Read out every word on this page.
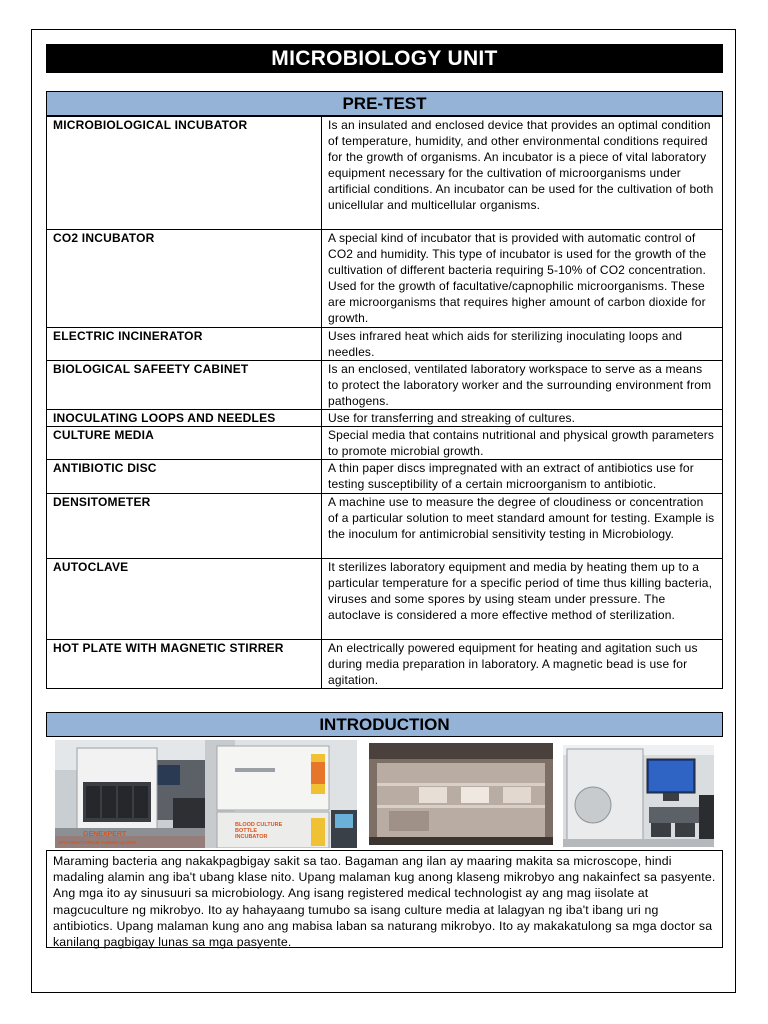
MICROBIOLOGY UNIT
PRE-TEST
MICROBIOLOGICAL INCUBATOR	Is an insulated and enclosed device that provides an optimal condition of temperature, humidity, and other environmental conditions required for the growth of organisms. An incubator is a piece of vital laboratory equipment necessary for the cultivation of microorganisms under artificial conditions. An incubator can be used for the cultivation of both unicellular and multicellular organisms.
CO2 INCUBATOR	A special kind of incubator that is provided with automatic control of CO2 and humidity. This type of incubator is used for the growth of the cultivation of different bacteria requiring 5-10% of CO2 concentration. Used for the growth of facultative/capnophilic microorganisms. These are microorganisms that requires higher amount of carbon dioxide for growth.
ELECTRIC INCINERATOR	Uses infrared heat which aids for sterilizing inoculating loops and needles.
BIOLOGICAL SAFEETY CABINET	Is an enclosed, ventilated laboratory workspace to serve as a means to protect the laboratory worker and the surrounding environment from pathogens.
INOCULATING LOOPS AND NEEDLES	Use for transferring and streaking of cultures.
CULTURE MEDIA	Special media that contains nutritional and physical growth parameters to promote microbial growth.
ANTIBIOTIC DISC	A thin paper discs impregnated with an extract of antibiotics use for testing susceptibility of a certain microorganism to antibiotic.
DENSITOMETER	A machine use to measure the degree of cloudiness or concentration of a particular solution to meet standard amount for testing. Example is the inoculum for antimicrobial sensitivity testing in Microbiology.
AUTOCLAVE	It sterilizes laboratory equipment and media by heating them up to a particular temperature for a specific period of time thus killing bacteria, viruses and some spores by using steam under pressure. The autoclave is considered a more effective method of sterilization.
HOT PLATE WITH MAGNETIC STIRRER	An electrically powered equipment for heating and agitation such us during media preparation in laboratory. A magnetic bead is use for agitation.
INTRODUCTION
GENEXPERT
MYCOBACTERIUM TUBERCULOSIS
BLOOD CULTURE BOTTLE INCUBATOR
Maraming bacteria ang nakakpagbigay sakit sa tao. Bagaman ang ilan ay maaring makita sa microscope, hindi madaling alamin ang iba't ubang klase nito. Upang malaman kug anong klaseng mikrobyo ang nakainfect sa pasyente. Ang mga ito ay sinusuuri sa microbiology. Ang isang registered medical technologist ay ang mag iisolate at magcuculture ng mikrobyo. Ito ay hahayaang tumubo sa isang culture media at lalagyan ng iba't ibang uri ng antibiotics. Upang malaman kung ano ang mabisa laban sa naturang mikrobyo. Ito ay makakatulong sa mga doctor sa kanilang pagbigay lunas sa mga pasyente.
